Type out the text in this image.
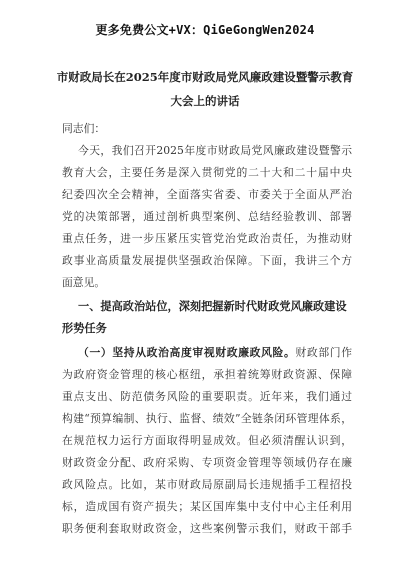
更多免费公文+VX：QiGeGongWen2024
市财政局长在2025年度市财政局党风廉政建设暨警示教育
大会上的讲话
同志们：
今天，我们召开2025年度市财政局党风廉政建设暨警示
教育大会，主要任务是深入贯彻党的二十大和二十届中央
纪委四次全会精神，全面落实省委、市委关于全面从严治
党的决策部署，通过剖析典型案例、总结经验教训、部署
重点任务，进一步压紧压实管党治党政治责任，为推动财
政事业高质量发展提供坚强政治保障。下面，我讲三个方
面意见。
一、提高政治站位，深刻把握新时代财政党风廉政建设
形势任务
（一）坚持从政治高度审视财政廉政风险。财政部门作
为政府资金管理的核心枢纽，承担着统筹财政资源、保障
重点支出、防范债务风险的重要职责。近年来，我们通过
构建“预算编制、执行、监督、绩效”全链条闭环管理体系，
在规范权力运行方面取得明显成效。但必须清醒认识到，
财政资金分配、政府采购、专项资金管理等领域仍存在廉
政风险点。比如，某市财政局原副局长违规插手工程招投
标，造成国有资产损失；某区国库集中支付中心主任利用
职务便利套取财政资金，这些案例警示我们，财政干部手
